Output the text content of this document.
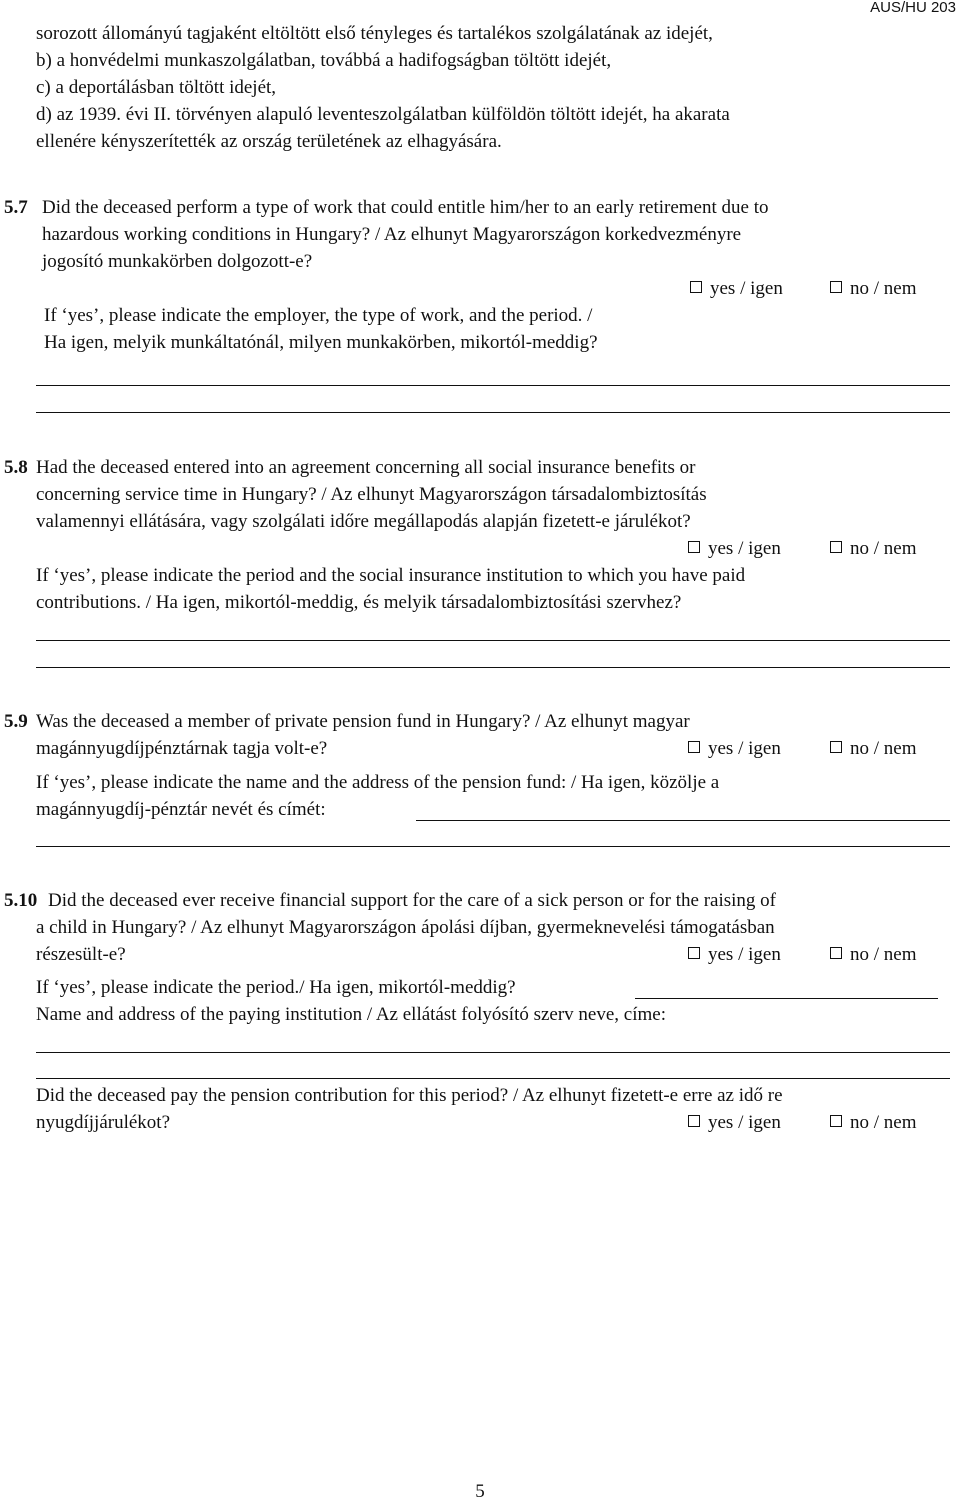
AUS/HU 203
sorozott állományú tagjaként eltöltött első tényleges és tartalékos szolgálatának az idejét,
b) a honvédelmi munkaszolgálatban, továbbá a hadifogságban töltött idejét,
c) a deportálásban töltött idejét,
d) az 1939. évi II. törvényen alapuló leventeszolgálatban külföldön töltött idejét, ha akarata
ellenére kényszerítették az ország területének az elhagyására.
5.7 Did the deceased perform a type of work that could entitle him/her to an early retirement due to
hazardous working conditions in Hungary? / Az elhunyt Magyarországon korkedvezményre
jogosító munkakörben dolgozott-e?
yes / igen	no / nem
If ‘yes’, please indicate the employer, the type of work, and the period. /
Ha igen, melyik munkáltatónál, milyen munkakörben, mikortól-meddig?
5.8 Had the deceased entered into an agreement concerning all social insurance benefits or
concerning service time in Hungary? / Az elhunyt Magyarországon társadalombiztosítás
valamennyi ellátására, vagy szolgálati időre megállapodás alapján fizetett-e járulékot?
yes / igen	no / nem
If ‘yes’, please indicate the period and the social insurance institution to which you have paid
contributions. / Ha igen, mikortól-meddig, és melyik társadalombiztosítási szervhez?
5.9 Was the deceased a member of private pension fund in Hungary? / Az elhunyt magyar
magánnyugdíjpénztárnak tagja volt-e?	yes / igen	no / nem
If ‘yes’, please indicate the name and the address of the pension fund: / Ha igen, közölje a
magánnyugdíj-pénztár nevét és címét:
5.10 Did the deceased ever receive financial support for the care of a sick person or for the raising of
a child in Hungary? / Az elhunyt Magyarországon ápolási díjban, gyermeknevelési támogatásban
részesült-e?	yes / igen	no / nem
If ‘yes’, please indicate the period./ Ha igen, mikortól-meddig?
Name and address of the paying institution / Az ellátást folyósító szerv neve, címe:
Did the deceased pay the pension contribution for this period? / Az elhunyt fizetett-e erre az idő re
nyugdíjjárulékot?	yes / igen	no / nem
5
